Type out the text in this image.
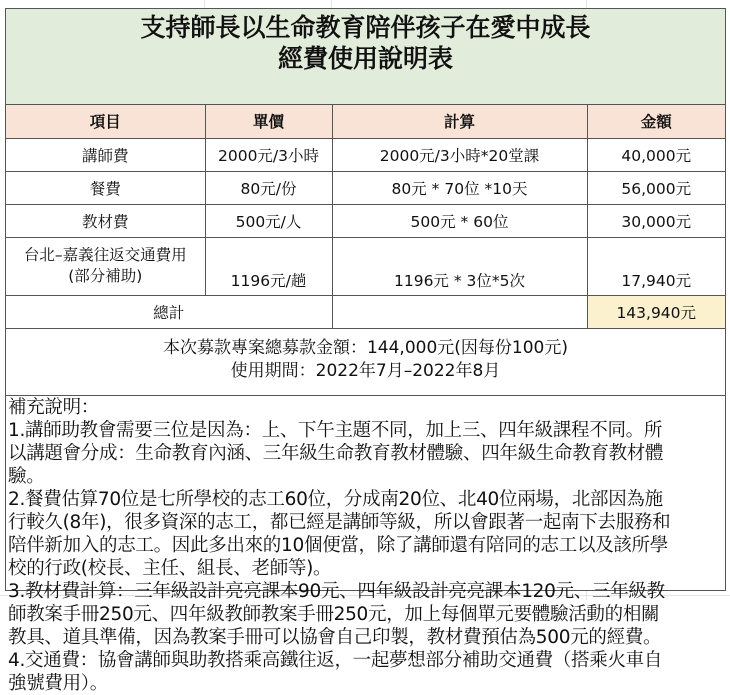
支持師長以生命教育陪伴孩子在愛中成長
經費使用說明表
項目	單價	計算	金額
講師費	2000元/3小時	2000元/3小時*20堂課	40,000元
餐費	80元/份	80元 * 70位 *10天	56,000元
教材費	500元/人	500元 * 60位	30,000元

台北–嘉義往返交通費用
(部分補助)	1196元/趟	1196元 * 3位*5次	17,940元
總計			143,940元
本次募款專案總募款金額：144,000元(因每份100元)
使用期間：2022年7月–2022年8月
補充說明：
1.講師助教會需要三位是因為：上、下午主題不同，加上三、四年級課程不同。所
以講題會分成：生命教育內涵、三年級生命教育教材體驗、四年級生命教育教材體
驗。
2.餐費估算70位是七所學校的志工60位，分成南20位、北40位兩場，北部因為施
行較久(8年)，很多資深的志工，都已經是講師等級，所以會跟著一起南下去服務和
陪伴新加入的志工。因此多出來的10個便當，除了講師還有陪同的志工以及該所學
校的行政(校長、主任、組長、老師等)。
3.教材費計算：三年級設計亮亮課本90元、四年級設計亮亮課本120元、三年級教
師教案手冊250元、四年級教師教案手冊250元，加上每個單元要體驗活動的相關
教具、道具準備，因為教案手冊可以協會自己印製，教材費預估為500元的經費。
4.交通費：協會講師與助教搭乘高鐵往返，一起夢想部分補助交通費（搭乘火車自
強號費用）。
